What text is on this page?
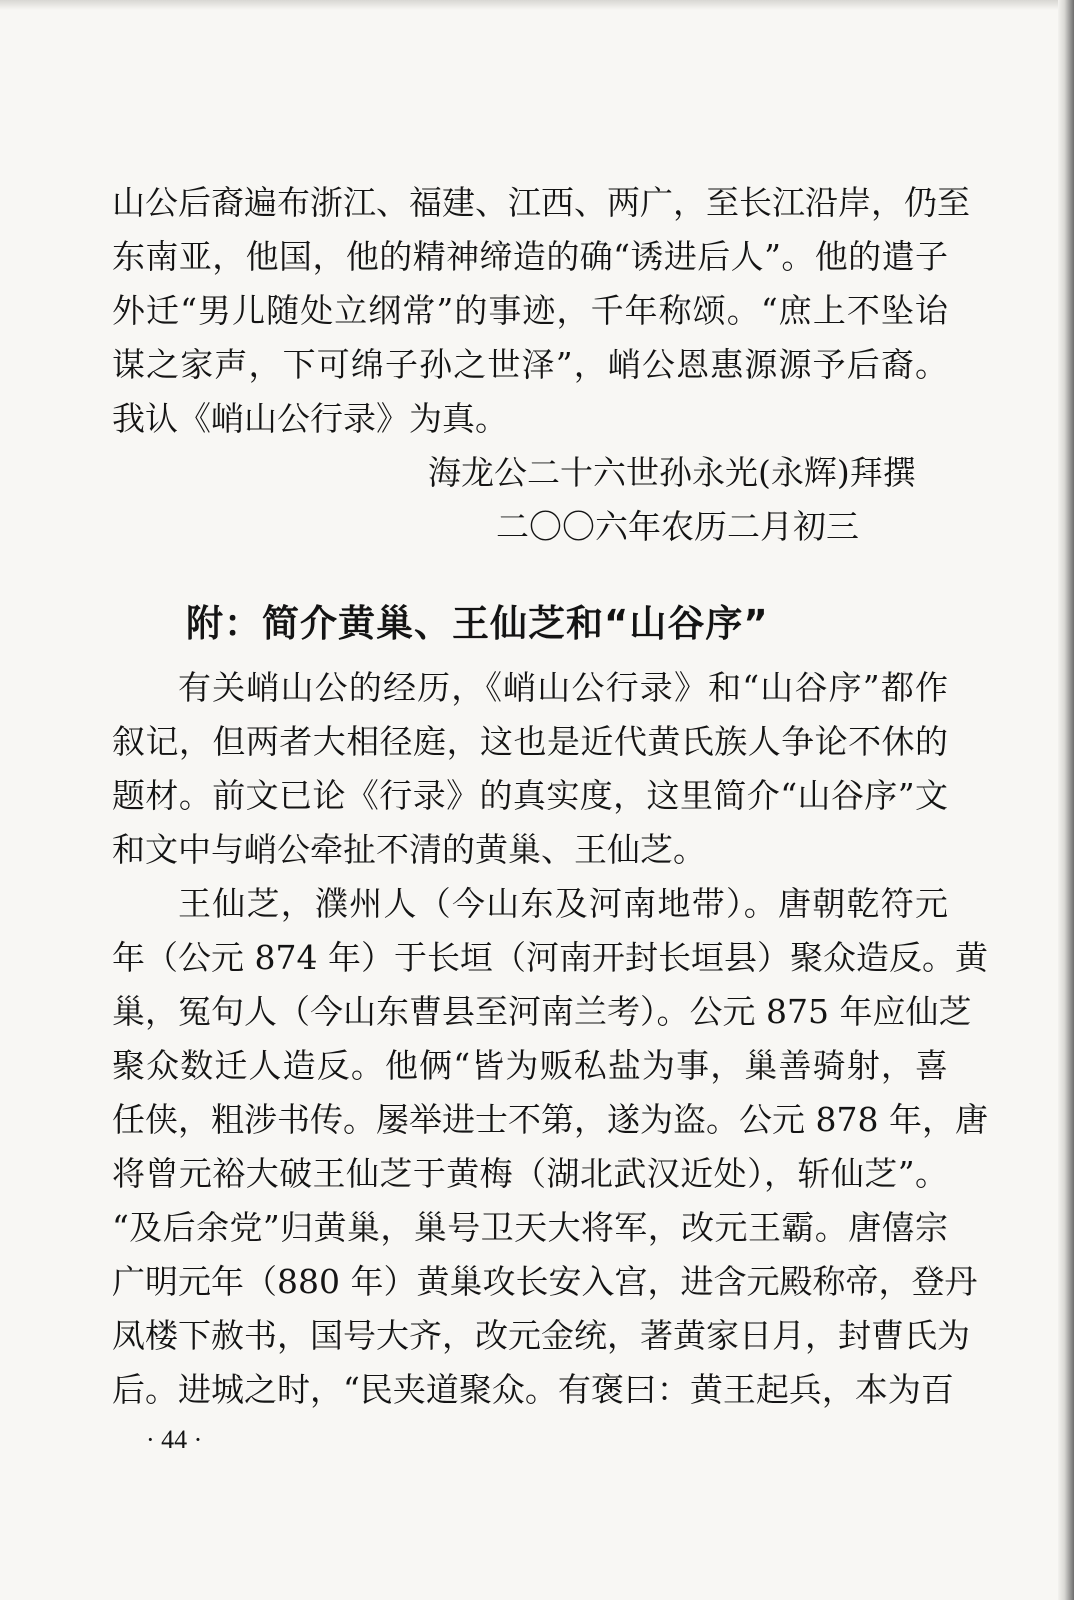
山公后裔遍布浙江、福建、江西、两广，至长江沿岸，仍至
东南亚，他国，他的精神缔造的确“诱进后人”。他的遣子
外迁“男儿随处立纲常”的事迹，千年称颂。“庶上不坠诒
谋之家声，下可绵子孙之世泽”，峭公恩惠源源予后裔。
我认《峭山公行录》为真。
海龙公二十六世孙永光(永辉)拜撰
二〇〇六年农历二月初三
附：简介黄巢、王仙芝和“山谷序”
有关峭山公的经历，《峭山公行录》和“山谷序”都作
叙记，但两者大相径庭，这也是近代黄氏族人争论不休的
题材。前文已论《行录》的真实度，这里简介“山谷序”文
和文中与峭公牵扯不清的黄巢、王仙芝。
王仙芝，濮州人（今山东及河南地带）。唐朝乾符元
年（公元 874 年）于长垣（河南开封长垣县）聚众造反。黄
巢，冤句人（今山东曹县至河南兰考）。公元 875 年应仙芝
聚众数迁人造反。他俩“皆为贩私盐为事，巢善骑射，喜
任侠，粗涉书传。屡举进士不第，遂为盗。公元 878 年，唐
将曾元裕大破王仙芝于黄梅（湖北武汉近处），斩仙芝”。
“及后余党”归黄巢，巢号卫天大将军，改元王霸。唐僖宗
广明元年（880 年）黄巢攻长安入宫，进含元殿称帝，登丹
凤楼下赦书，国号大齐，改元金统，著黄家日月，封曹氏为
后。进城之时，“民夹道聚众。有褒曰：黄王起兵，本为百
· 44 ·
